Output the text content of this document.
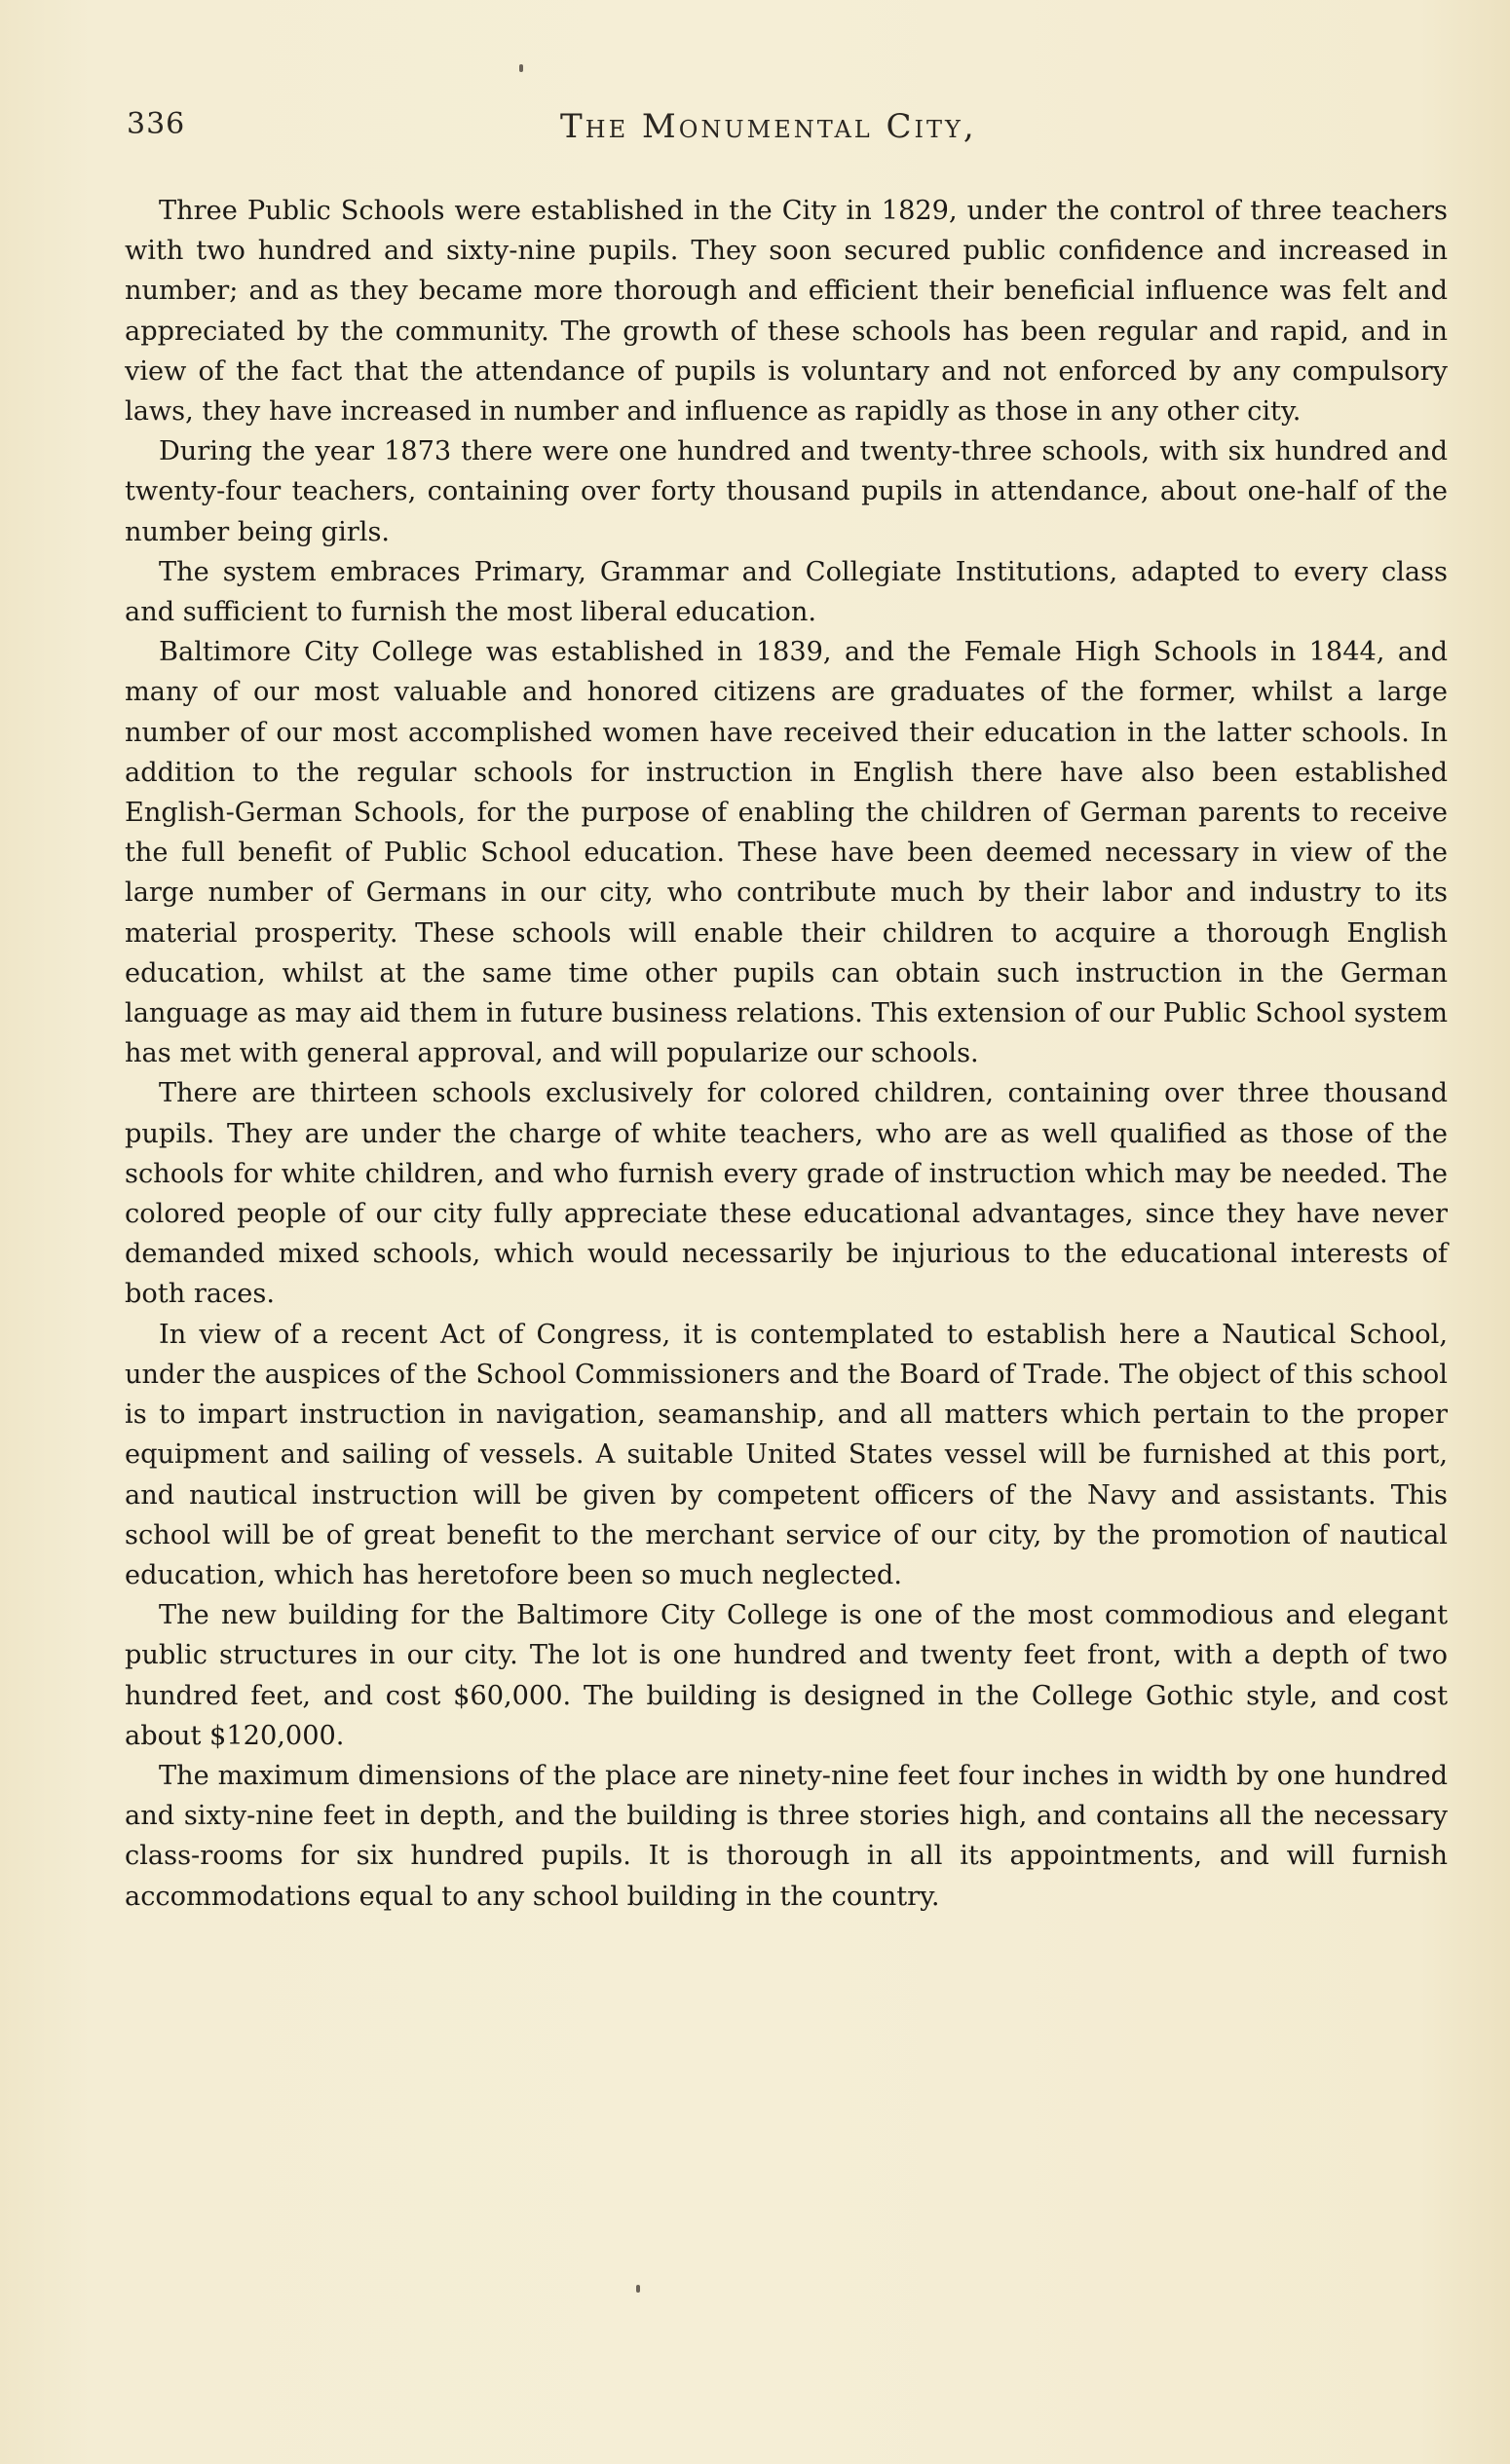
336	The Monumental City,

Three Public Schools were established in the City in 1829, under the control of three teachers with two hundred and sixty-nine pupils. They soon secured public confidence and increased in number; and as they became more thorough and efficient their beneficial influence was felt and appreciated by the community. The growth of these schools has been regular and rapid, and in view of the fact that the attendance of pupils is voluntary and not enforced by any compulsory laws, they have increased in number and influence as rapidly as those in any other city.

During the year 1873 there were one hundred and twenty-three schools, with six hundred and twenty-four teachers, containing over forty thousand pupils in attendance, about one-half of the number being girls.

The system embraces Primary, Grammar and Collegiate Institutions, adapted to every class and sufficient to furnish the most liberal education.

Baltimore City College was established in 1839, and the Female High Schools in 1844, and many of our most valuable and honored citizens are graduates of the former, whilst a large number of our most accomplished women have received their education in the latter schools. In addition to the regular schools for instruction in English there have also been established English-German Schools, for the purpose of enabling the children of German parents to receive the full benefit of Public School education. These have been deemed necessary in view of the large number of Germans in our city, who contribute much by their labor and industry to its material prosperity. These schools will enable their children to acquire a thorough English education, whilst at the same time other pupils can obtain such instruction in the German language as may aid them in future business relations. This extension of our Public School system has met with general approval, and will popularize our schools.

There are thirteen schools exclusively for colored children, containing over three thousand pupils. They are under the charge of white teachers, who are as well qualified as those of the schools for white children, and who furnish every grade of instruction which may be needed. The colored people of our city fully appreciate these educational advantages, since they have never demanded mixed schools, which would necessarily be injurious to the educational interests of both races.

In view of a recent Act of Congress, it is contemplated to establish here a Nautical School, under the auspices of the School Commissioners and the Board of Trade. The object of this school is to impart instruction in navigation, seamanship, and all matters which pertain to the proper equipment and sailing of vessels. A suitable United States vessel will be furnished at this port, and nautical instruction will be given by competent officers of the Navy and assistants. This school will be of great benefit to the merchant service of our city, by the promotion of nautical education, which has heretofore been so much neglected.

The new building for the Baltimore City College is one of the most commodious and elegant public structures in our city. The lot is one hundred and twenty feet front, with a depth of two hundred feet, and cost $60,000. The building is designed in the College Gothic style, and cost about $120,000.

The maximum dimensions of the place are ninety-nine feet four inches in width by one hundred and sixty-nine feet in depth, and the building is three stories high, and contains all the necessary class-rooms for six hundred pupils. It is thorough in all its appointments, and will furnish accommodations equal to any school building in the country.
